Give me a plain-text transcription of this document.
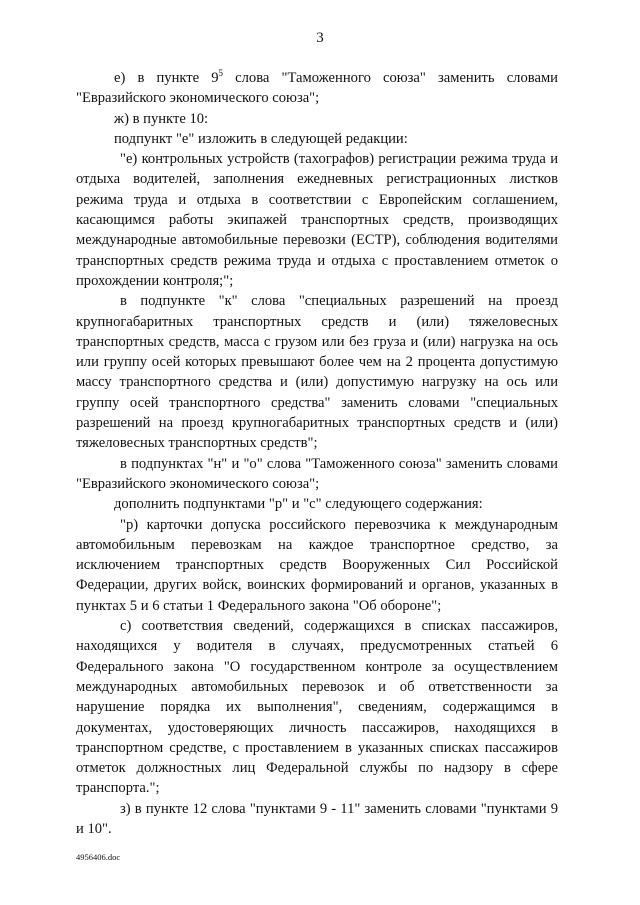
3

е) в пункте $9^5$ слова "Таможенного союза" заменить словами "Евразийского экономического союза";

ж) в пункте 10:

подпункт "е" изложить в следующей редакции:

"е) контрольных устройств (тахографов) регистрации режима труда и отдыха водителей, заполнения ежедневных регистрационных листков режима труда и отдыха в соответствии с Европейским соглашением, касающимся работы экипажей транспортных средств, производящих международные автомобильные перевозки (ЕСТР), соблюдения водителями транспортных средств режима труда и отдыха с проставлением отметок о прохождении контроля;";

в подпункте "к" слова "специальных разрешений на проезд крупногабаритных транспортных средств и (или) тяжеловесных транспортных средств, масса с грузом или без груза и (или) нагрузка на ось или группу осей которых превышают более чем на 2 процента допустимую массу транспортного средства и (или) допустимую нагрузку на ось или группу осей транспортного средства" заменить словами "специальных разрешений на проезд крупногабаритных транспортных средств и (или) тяжеловесных транспортных средств";

в подпунктах "н" и "о" слова "Таможенного союза" заменить словами "Евразийского экономического союза";

дополнить подпунктами "р" и "с" следующего содержания:

"р) карточки допуска российского перевозчика к международным автомобильным перевозкам на каждое транспортное средство, за исключением транспортных средств Вооруженных Сил Российской Федерации, других войск, воинских формирований и органов, указанных в пунктах 5 и 6 статьи 1 Федерального закона "Об обороне";

с) соответствия сведений, содержащихся в списках пассажиров, находящихся у водителя в случаях, предусмотренных статьей 6 Федерального закона "О государственном контроле за осуществлением международных автомобильных перевозок и об ответственности за нарушение порядка их выполнения", сведениям, содержащимся в документах, удостоверяющих личность пассажиров, находящихся в транспортном средстве, с проставлением в указанных списках пассажиров отметок должностных лиц Федеральной службы по надзору в сфере транспорта.";

з) в пункте 12 слова "пунктами 9 - 11" заменить словами "пунктами 9 и 10".

4956406.doc
